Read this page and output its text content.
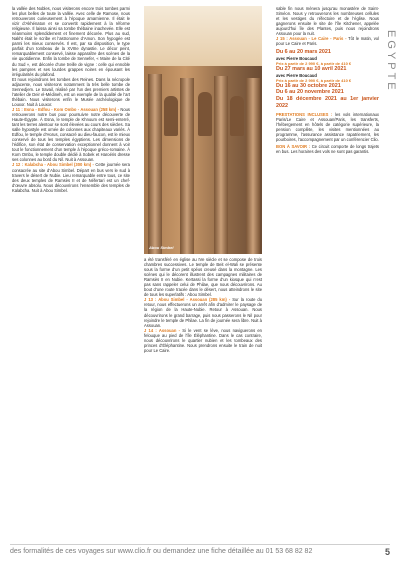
la vallée des Nobles, nous visiterons encore trois tombes parmi les plus belles de toute la vallée. Avec celle de Ramose, nous retrouverons curieusement à l’époque amarnienne. Il était le vizir d’Akhénaton et se convertit rapidement à la réforme religieuse. Il laissa ainsi sa tombe thébaine inachevée. Elle est néanmoins splendidement et finement décorée. Plus au sud, Nakht était le scribe et l’astronome d’Amon. Son hypogée est parmi les mieux conservés. Il est, par sa disposition, le type parfait d’un tombeau de la XVIIIe dynastie. Le décor peint, remarquablement conservé, laisse apparaître des scènes de la vie quotidienne. Enfin la tombe de Sennefer, « Maire de la Cité du Sud », est décorée d’une treille de vigne : celle qui ennoble les pampres et ses lourdes grappes noires en épousant les irrégularités du plafond.

Et nous rejoindrons les tombes des Reines. Dans la nécropole adjacente, nous visiterons notamment la très belle tombe de Sennedjem. Le travail, réalisé par l’un des premiers artistes de l’atelier de Deir el-Médineh, est un exemple de la qualité de l’art thébain. Nous visiterons enfin le Musée archéologique de Louxor. Nuit à Louxor.

J 11 : Esna - Edfou - Kom Ombo - Assouan (258 km) - Nous retrouverons notre bus pour poursuivre notre découverte de Haute-Égypte. À Esna, le temple de Khnoum est semi-enterré, tant les terres alentour se sont élevées au cours des siècles. Sa salle hypostyle est ornée de colonnes aux chapiteaux variés. À Edfou, le temple d’Horus, consacré au dieu-faucon, est le mieux conservé de tous les temples égyptiens. Les dimensions de l’édifice, son état de conservation exceptionnel donnent à voir tout le fonctionnement d’un temple à l’époque gréco-romaine. À Kom Ombo, le temple double dédié à Sobek et Haroéris dresse ses colonnes au bord du Nil. Nuit à Assouan.

J 12 : Kalabcha - Abou Simbel (300 km) - Cette journée sera consacrée au site d’Abou Simbel. Départ en bus vers le sud à travers le désert de Nubie. Lieu remarquable entre tous, ce site des deux temples de Ramsès II et de Néfertari est un chef-d’œuvre absolu. Nous découvrirons l’ensemble des temples de Kalabcha. Nuit à Abou Simbel.

Abou Simbel

a été transféré en église au IVe siècle et se compose de trois chambres successives. Le temple de Beit el-Wali se présente sous la forme d’un petit spéos creusé dans la montagne. Les scènes qui le décorent illustrent des campagnes militaires de Ramsès II en Nubie. Kertassi la forme d’un kiosque qui n’est pas sans rappeler celui de Philae, que nous découvrirons. Au bout d’une route tracée dans le désert, nous atteindrons le site de tous les superlatifs : Abou Simbel.

J 13 : Abou Simbel - Assouan (285 km) - Sur la route du retour, nous effectuerons un arrêt afin d’admirer le paysage de la région de la Haute-Nubie. Retour à Assouan. Nous découvrirons le grand barrage, puis nous passerons le Nil pour rejoindre le temple de Philae. La fin de journée sera libre. Nuit à Assouan.

J 14 : Assouan - Si le vent se lève, nous naviguerons en felouque au pied de l’île Éléphantine. Dans le cas contraire, nous découvrirons le quartier nubien et les tombeaux des princes d’Éléphantine. Nous prendrons ensuite le train de nuit pour Le Caire.

sable fin nous mènera jusqu’au monastère de Saint-Siméon. Nous y retrouverons les nombreuses cellules et les vestiges du réfectoire et de l’église. Nous gagnerons ensuite le site de l’île Kitchener, appelée aujourd’hui île des Plantes, puis nous rejoindrons Assouan pour la nuit.

J 15 : Assouan - Le Caire - Paris - Tôt le matin, vol pour Le Caire et Paris.

Du 6 au 20 mars 2021
avec Pierre Boucaud
Prix à partir de 2 990 €, à partir de 410 €
Du 27 mars au 10 avril 2021
avec Pierre Boucaud
Prix à partir de 2 990 €, à partir de 410 €
Du 16 au 30 octobre 2021
Du 6 au 20 novembre 2021
Du 18 décembre 2021 au 1er janvier 2022

PRESTATIONS INCLUSES : les vols internationaux Paris/Le Caire et Assouan/Paris, les transferts, l’hébergement en hôtels de catégorie supérieure, la pension complète, les visites mentionnées au programme, l’assurance assistance rapatriement, les pourboires, l’accompagnement par un conférencier Clio.

BON À SAVOIR : Ce circuit comporte de longs trajets en bus. Les horaires des vols ne sont pas garantis.

EGYPTE
des formalités de ces voyages sur www.clio.fr ou demandez une fiche détaillée au 01 53 68 82 82	5
